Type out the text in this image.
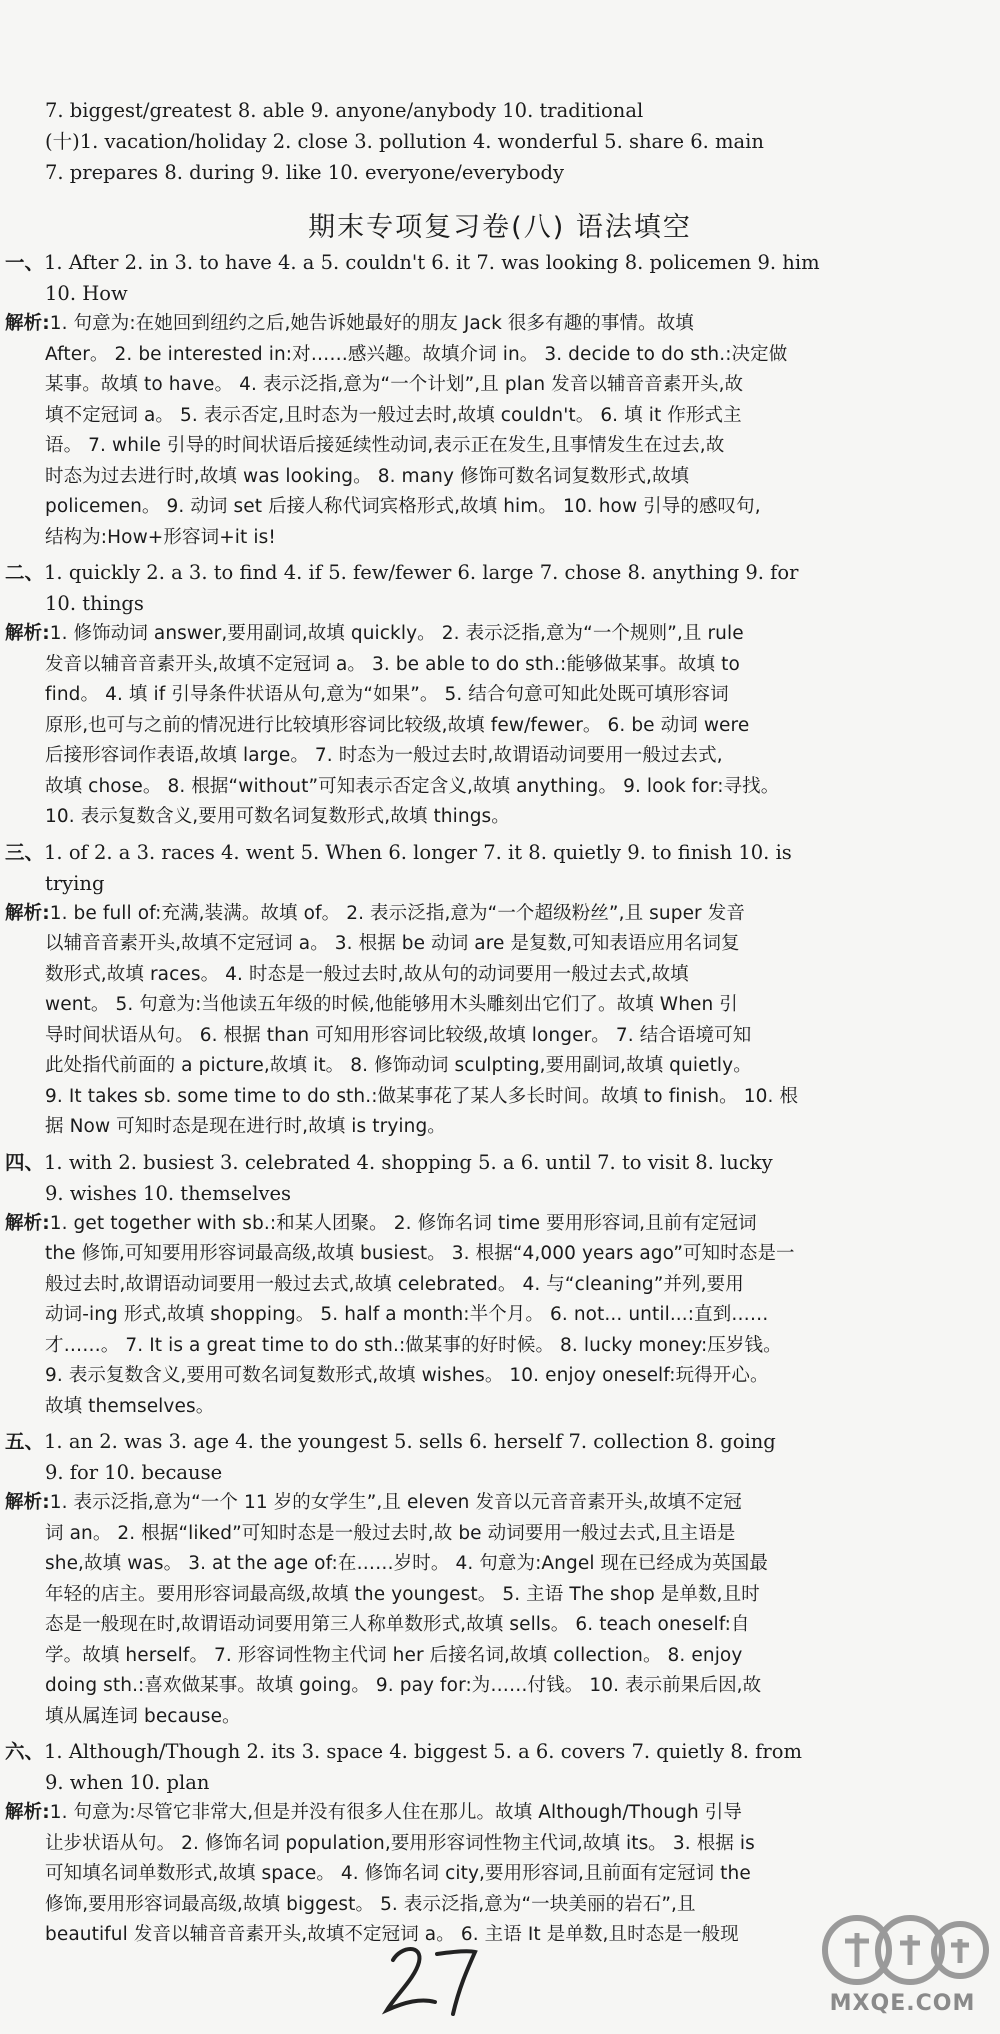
7. biggest/greatest 8. able 9. anyone/anybody 10. traditional
(十)1. vacation/holiday 2. close 3. pollution 4. wonderful 5. share 6. main
7. prepares 8. during 9. like 10. everyone/everybody
期末专项复习卷(八) 语法填空
一、1. After 2. in 3. to have 4. a 5. couldn't 6. it 7. was looking 8. policemen 9. him
10. How
解析:1. 句意为:在她回到纽约之后,她告诉她最好的朋友 Jack 很多有趣的事情。故填
After。 2. be interested in:对……感兴趣。故填介词 in。 3. decide to do sth.:决定做
某事。故填 to have。 4. 表示泛指,意为“一个计划”,且 plan 发音以辅音音素开头,故
填不定冠词 a。 5. 表示否定,且时态为一般过去时,故填 couldn't。 6. 填 it 作形式主
语。 7. while 引导的时间状语后接延续性动词,表示正在发生,且事情发生在过去,故
时态为过去进行时,故填 was looking。 8. many 修饰可数名词复数形式,故填
policemen。 9. 动词 set 后接人称代词宾格形式,故填 him。 10. how 引导的感叹句,
结构为:How+形容词+it is!
二、1. quickly 2. a 3. to find 4. if 5. few/fewer 6. large 7. chose 8. anything 9. for
10. things
解析:1. 修饰动词 answer,要用副词,故填 quickly。 2. 表示泛指,意为“一个规则”,且 rule
发音以辅音音素开头,故填不定冠词 a。 3. be able to do sth.:能够做某事。故填 to
find。 4. 填 if 引导条件状语从句,意为“如果”。 5. 结合句意可知此处既可填形容词
原形,也可与之前的情况进行比较填形容词比较级,故填 few/fewer。 6. be 动词 were
后接形容词作表语,故填 large。 7. 时态为一般过去时,故谓语动词要用一般过去式,
故填 chose。 8. 根据“without”可知表示否定含义,故填 anything。 9. look for:寻找。
10. 表示复数含义,要用可数名词复数形式,故填 things。
三、1. of 2. a 3. races 4. went 5. When 6. longer 7. it 8. quietly 9. to finish 10. is
trying
解析:1. be full of:充满,装满。故填 of。 2. 表示泛指,意为“一个超级粉丝”,且 super 发音
以辅音音素开头,故填不定冠词 a。 3. 根据 be 动词 are 是复数,可知表语应用名词复
数形式,故填 races。 4. 时态是一般过去时,故从句的动词要用一般过去式,故填
went。 5. 句意为:当他读五年级的时候,他能够用木头雕刻出它们了。故填 When 引
导时间状语从句。 6. 根据 than 可知用形容词比较级,故填 longer。 7. 结合语境可知
此处指代前面的 a picture,故填 it。 8. 修饰动词 sculpting,要用副词,故填 quietly。
9. It takes sb. some time to do sth.:做某事花了某人多长时间。故填 to finish。 10. 根
据 Now 可知时态是现在进行时,故填 is trying。
四、1. with 2. busiest 3. celebrated 4. shopping 5. a 6. until 7. to visit 8. lucky
9. wishes 10. themselves
解析:1. get together with sb.:和某人团聚。 2. 修饰名词 time 要用形容词,且前有定冠词
the 修饰,可知要用形容词最高级,故填 busiest。 3. 根据“4,000 years ago”可知时态是一
般过去时,故谓语动词要用一般过去式,故填 celebrated。 4. 与“cleaning”并列,要用
动词-ing 形式,故填 shopping。 5. half a month:半个月。 6. not... until...:直到……
才……。 7. It is a great time to do sth.:做某事的好时候。 8. lucky money:压岁钱。
9. 表示复数含义,要用可数名词复数形式,故填 wishes。 10. enjoy oneself:玩得开心。
故填 themselves。
五、1. an 2. was 3. age 4. the youngest 5. sells 6. herself 7. collection 8. going
9. for 10. because
解析:1. 表示泛指,意为“一个 11 岁的女学生”,且 eleven 发音以元音音素开头,故填不定冠
词 an。 2. 根据“liked”可知时态是一般过去时,故 be 动词要用一般过去式,且主语是
she,故填 was。 3. at the age of:在……岁时。 4. 句意为:Angel 现在已经成为英国最
年轻的店主。要用形容词最高级,故填 the youngest。 5. 主语 The shop 是单数,且时
态是一般现在时,故谓语动词要用第三人称单数形式,故填 sells。 6. teach oneself:自
学。故填 herself。 7. 形容词性物主代词 her 后接名词,故填 collection。 8. enjoy
doing sth.:喜欢做某事。故填 going。 9. pay for:为……付钱。 10. 表示前果后因,故
填从属连词 because。
六、1. Although/Though 2. its 3. space 4. biggest 5. a 6. covers 7. quietly 8. from
9. when 10. plan
解析:1. 句意为:尽管它非常大,但是并没有很多人住在那儿。故填 Although/Though 引导
让步状语从句。 2. 修饰名词 population,要用形容词性物主代词,故填 its。 3. 根据 is
可知填名词单数形式,故填 space。 4. 修饰名词 city,要用形容词,且前面有定冠词 the
修饰,要用形容词最高级,故填 biggest。 5. 表示泛指,意为“一块美丽的岩石”,且
beautiful 发音以辅音音素开头,故填不定冠词 a。 6. 主语 It 是单数,且时态是一般现
MXQE.COM
